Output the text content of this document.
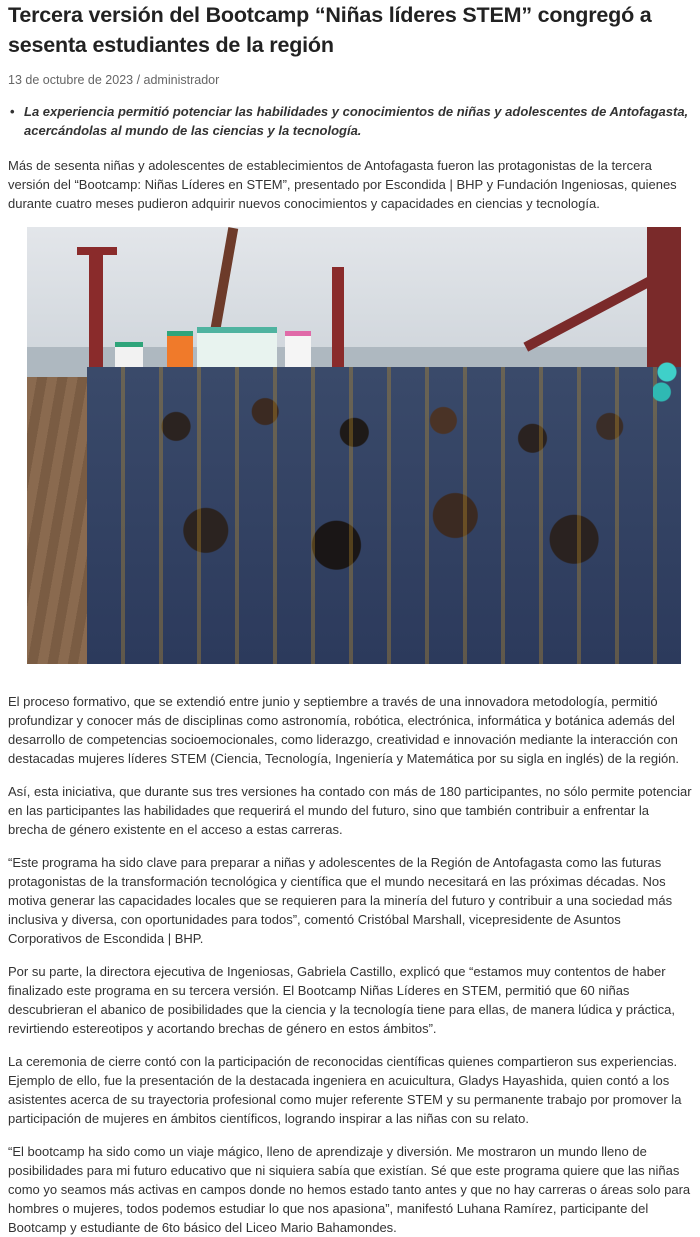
Tercera versión del Bootcamp “Niñas líderes STEM” congregó a sesenta estudiantes de la región
13 de octubre de 2023 / administrador
• La experiencia permitió potenciar las habilidades y conocimientos de niñas y adolescentes de Antofagasta, acercándolas al mundo de las ciencias y la tecnología.

Más de sesenta niñas y adolescentes de establecimientos de Antofagasta fueron las protagonistas de la tercera versión del “Bootcamp: Niñas Líderes en STEM”, presentado por Escondida | BHP y Fundación Ingeniosas, quienes durante cuatro meses pudieron adquirir nuevos conocimientos y capacidades en ciencias y tecnología.

El proceso formativo, que se extendió entre junio y septiembre a través de una innovadora metodología, permitió profundizar y conocer más de disciplinas como astronomía, robótica, electrónica, informática y botánica además del desarrollo de competencias socioemocionales, como liderazgo, creatividad e innovación mediante la interacción con destacadas mujeres líderes STEM (Ciencia, Tecnología, Ingeniería y Matemática por su sigla en inglés) de la región.

Así, esta iniciativa, que durante sus tres versiones ha contado con más de 180 participantes, no sólo permite potenciar en las participantes las habilidades que requerirá el mundo del futuro, sino que también contribuir a enfrentar la brecha de género existente en el acceso a estas carreras.

“Este programa ha sido clave para preparar a niñas y adolescentes de la Región de Antofagasta como las futuras protagonistas de la transformación tecnológica y científica que el mundo necesitará en las próximas décadas. Nos motiva generar las capacidades locales que se requieren para la minería del futuro y contribuir a una sociedad más inclusiva y diversa, con oportunidades para todos”, comentó Cristóbal Marshall, vicepresidente de Asuntos Corporativos de Escondida | BHP.

Por su parte, la directora ejecutiva de Ingeniosas, Gabriela Castillo, explicó que “estamos muy contentos de haber finalizado este programa en su tercera versión. El Bootcamp Niñas Líderes en STEM, permitió que 60 niñas descubrieran el abanico de posibilidades que la ciencia y la tecnología tiene para ellas, de manera lúdica y práctica, revirtiendo estereotipos y acortando brechas de género en estos ámbitos”.

La ceremonia de cierre contó con la participación de reconocidas científicas quienes compartieron sus experiencias. Ejemplo de ello, fue la presentación de la destacada ingeniera en acuicultura, Gladys Hayashida, quien contó a los asistentes acerca de su trayectoria profesional como mujer referente STEM y su permanente trabajo por promover la participación de mujeres en ámbitos científicos, logrando inspirar a las niñas con su relato.

“El bootcamp ha sido como un viaje mágico, lleno de aprendizaje y diversión. Me mostraron un mundo lleno de posibilidades para mi futuro educativo que ni siquiera sabía que existían. Sé que este programa quiere que las niñas como yo seamos más activas en campos donde no hemos estado tanto antes y que no hay carreras o áreas solo para hombres o mujeres, todos podemos estudiar lo que nos apasiona”, manifestó Luhana Ramírez, participante del Bootcamp y estudiante de 6to básico del Liceo Mario Bahamondes.
